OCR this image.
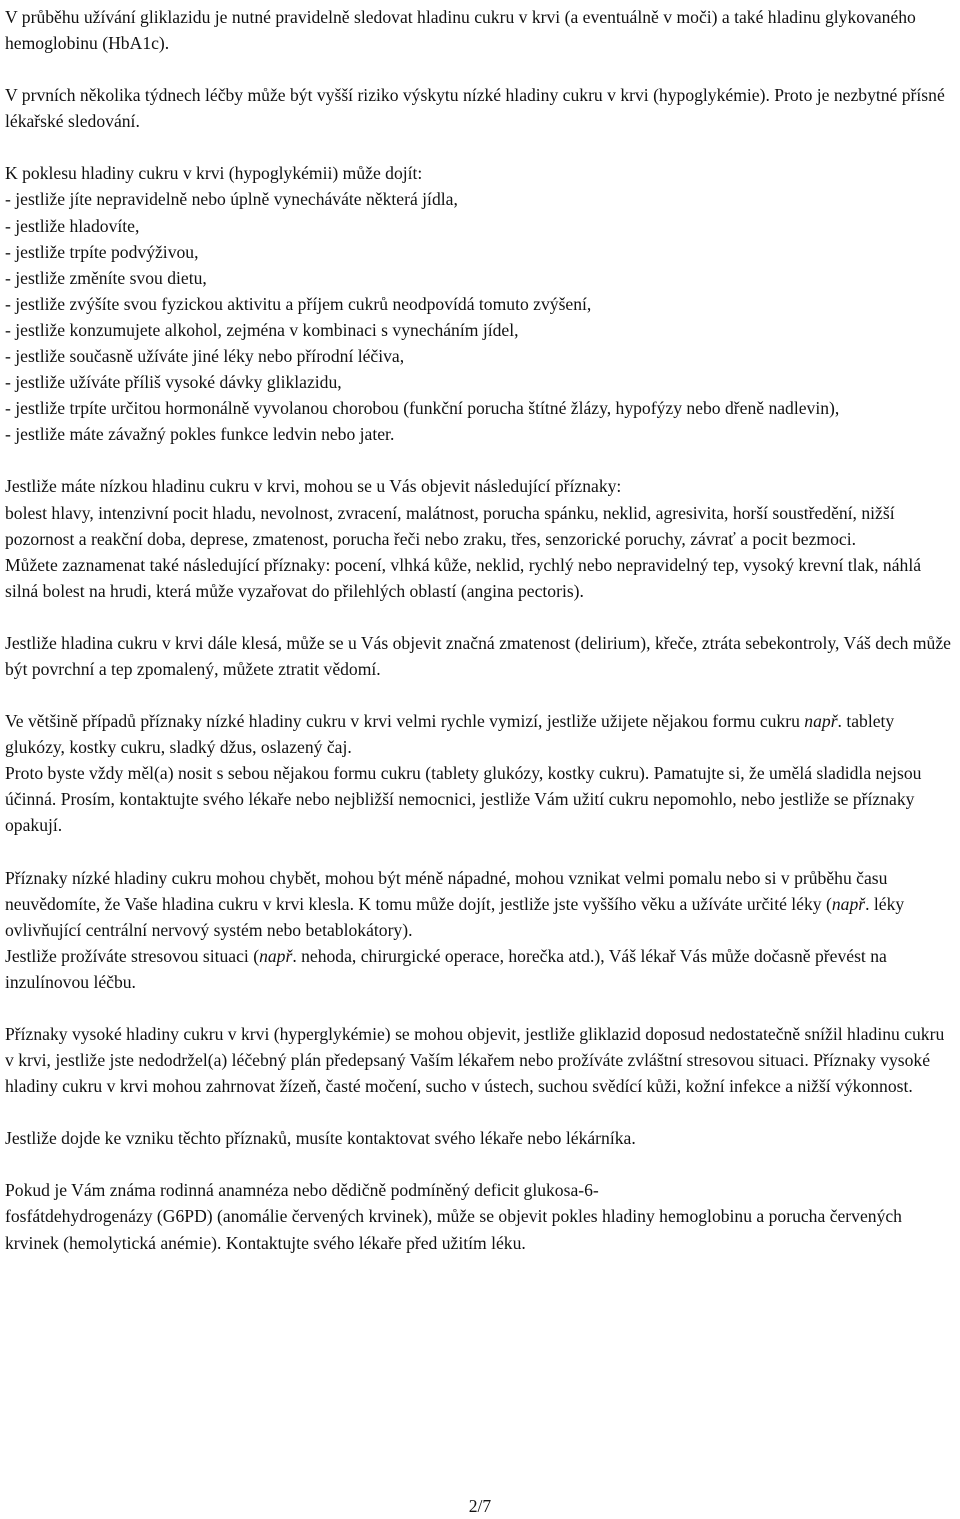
V průběhu užívání gliklazidu je nutné pravidelně sledovat hladinu cukru v krvi (a eventuálně v moči) a také hladinu glykovaného hemoglobinu (HbA1c).

V prvních několika týdnech léčby může být vyšší riziko výskytu nízké hladiny cukru v krvi (hypoglykémie). Proto je nezbytné přísné lékařské sledování.

K poklesu hladiny cukru v krvi (hypoglykémii) může dojít:

- jestliže jíte nepravidelně nebo úplně vynecháváte některá jídla,
- jestliže hladovíte,
- jestliže trpíte podvýživou,
- jestliže změníte svou dietu,
- jestliže zvýšíte svou fyzickou aktivitu a příjem cukrů neodpovídá tomuto zvýšení,
- jestliže konzumujete alkohol, zejména v kombinaci s vynecháním jídel,
- jestliže současně užíváte jiné léky nebo přírodní léčiva,
- jestliže užíváte příliš vysoké dávky gliklazidu,
- jestliže trpíte určitou hormonálně vyvolanou chorobou (funkční porucha štítné žlázy, hypofýzy nebo dřeně nadlevin),
- jestliže máte závažný pokles funkce ledvin nebo jater.

Jestliže máte nízkou hladinu cukru v krvi, mohou se u Vás objevit následující příznaky:

bolest hlavy, intenzivní pocit hladu, nevolnost, zvracení, malátnost, porucha spánku, neklid, agresivita, horší soustředění, nižší pozornost a reakční doba, deprese, zmatenost, porucha řeči nebo zraku, třes, senzorické poruchy, závrať a pocit bezmoci.

Můžete zaznamenat také následující příznaky: pocení, vlhká kůže, neklid, rychlý nebo nepravidelný tep, vysoký krevní tlak, náhlá silná bolest na hrudi, která může vyzařovat do přilehlých oblastí (angina pectoris).

Jestliže hladina cukru v krvi dále klesá, může se u Vás objevit značná zmatenost (delirium), křeče, ztráta sebekontroly, Váš dech může být povrchní a tep zpomalený, můžete ztratit vědomí.

Ve většině případů příznaky nízké hladiny cukru v krvi velmi rychle vymizí, jestliže užijete nějakou formu cukru např. tablety glukózy, kostky cukru, sladký džus, oslazený čaj.

Proto byste vždy měl(a) nosit s sebou nějakou formu cukru (tablety glukózy, kostky cukru). Pamatujte si, že umělá sladidla nejsou účinná. Prosím, kontaktujte svého lékaře nebo nejbližší nemocnici, jestliže Vám užití cukru nepomohlo, nebo jestliže se příznaky opakují.

Příznaky nízké hladiny cukru mohou chybět, mohou být méně nápadné, mohou vznikat velmi pomalu nebo si v průběhu času neuvědomíte, že Vaše hladina cukru v krvi klesla. K tomu může dojít, jestliže jste vyššího věku a užíváte určité léky (např. léky ovlivňující centrální nervový systém nebo betablokátory).

Jestliže prožíváte stresovou situaci (např. nehoda, chirurgické operace, horečka atd.), Váš lékař Vás může dočasně převést na inzulínovou léčbu.

Příznaky vysoké hladiny cukru v krvi (hyperglykémie) se mohou objevit, jestliže gliklazid doposud nedostatečně snížil hladinu cukru v krvi, jestliže jste nedodržel(a) léčebný plán předepsaný Vaším lékařem nebo prožíváte zvláštní stresovou situaci. Příznaky vysoké hladiny cukru v krvi mohou zahrnovat žízeň, časté močení, sucho v ústech, suchou svědící kůži, kožní infekce a nižší výkonnost.

Jestliže dojde ke vzniku těchto příznaků, musíte kontaktovat svého lékaře nebo lékárníka.

Pokud je Vám známa rodinná anamnéza nebo dědičně podmíněný deficit glukosa-6-

fosfátdehydrogenázy (G6PD) (anomálie červených krvinek), může se objevit pokles hladiny hemoglobinu a porucha červených krvinek (hemolytická anémie). Kontaktujte svého lékaře před užitím léku.

2/7
